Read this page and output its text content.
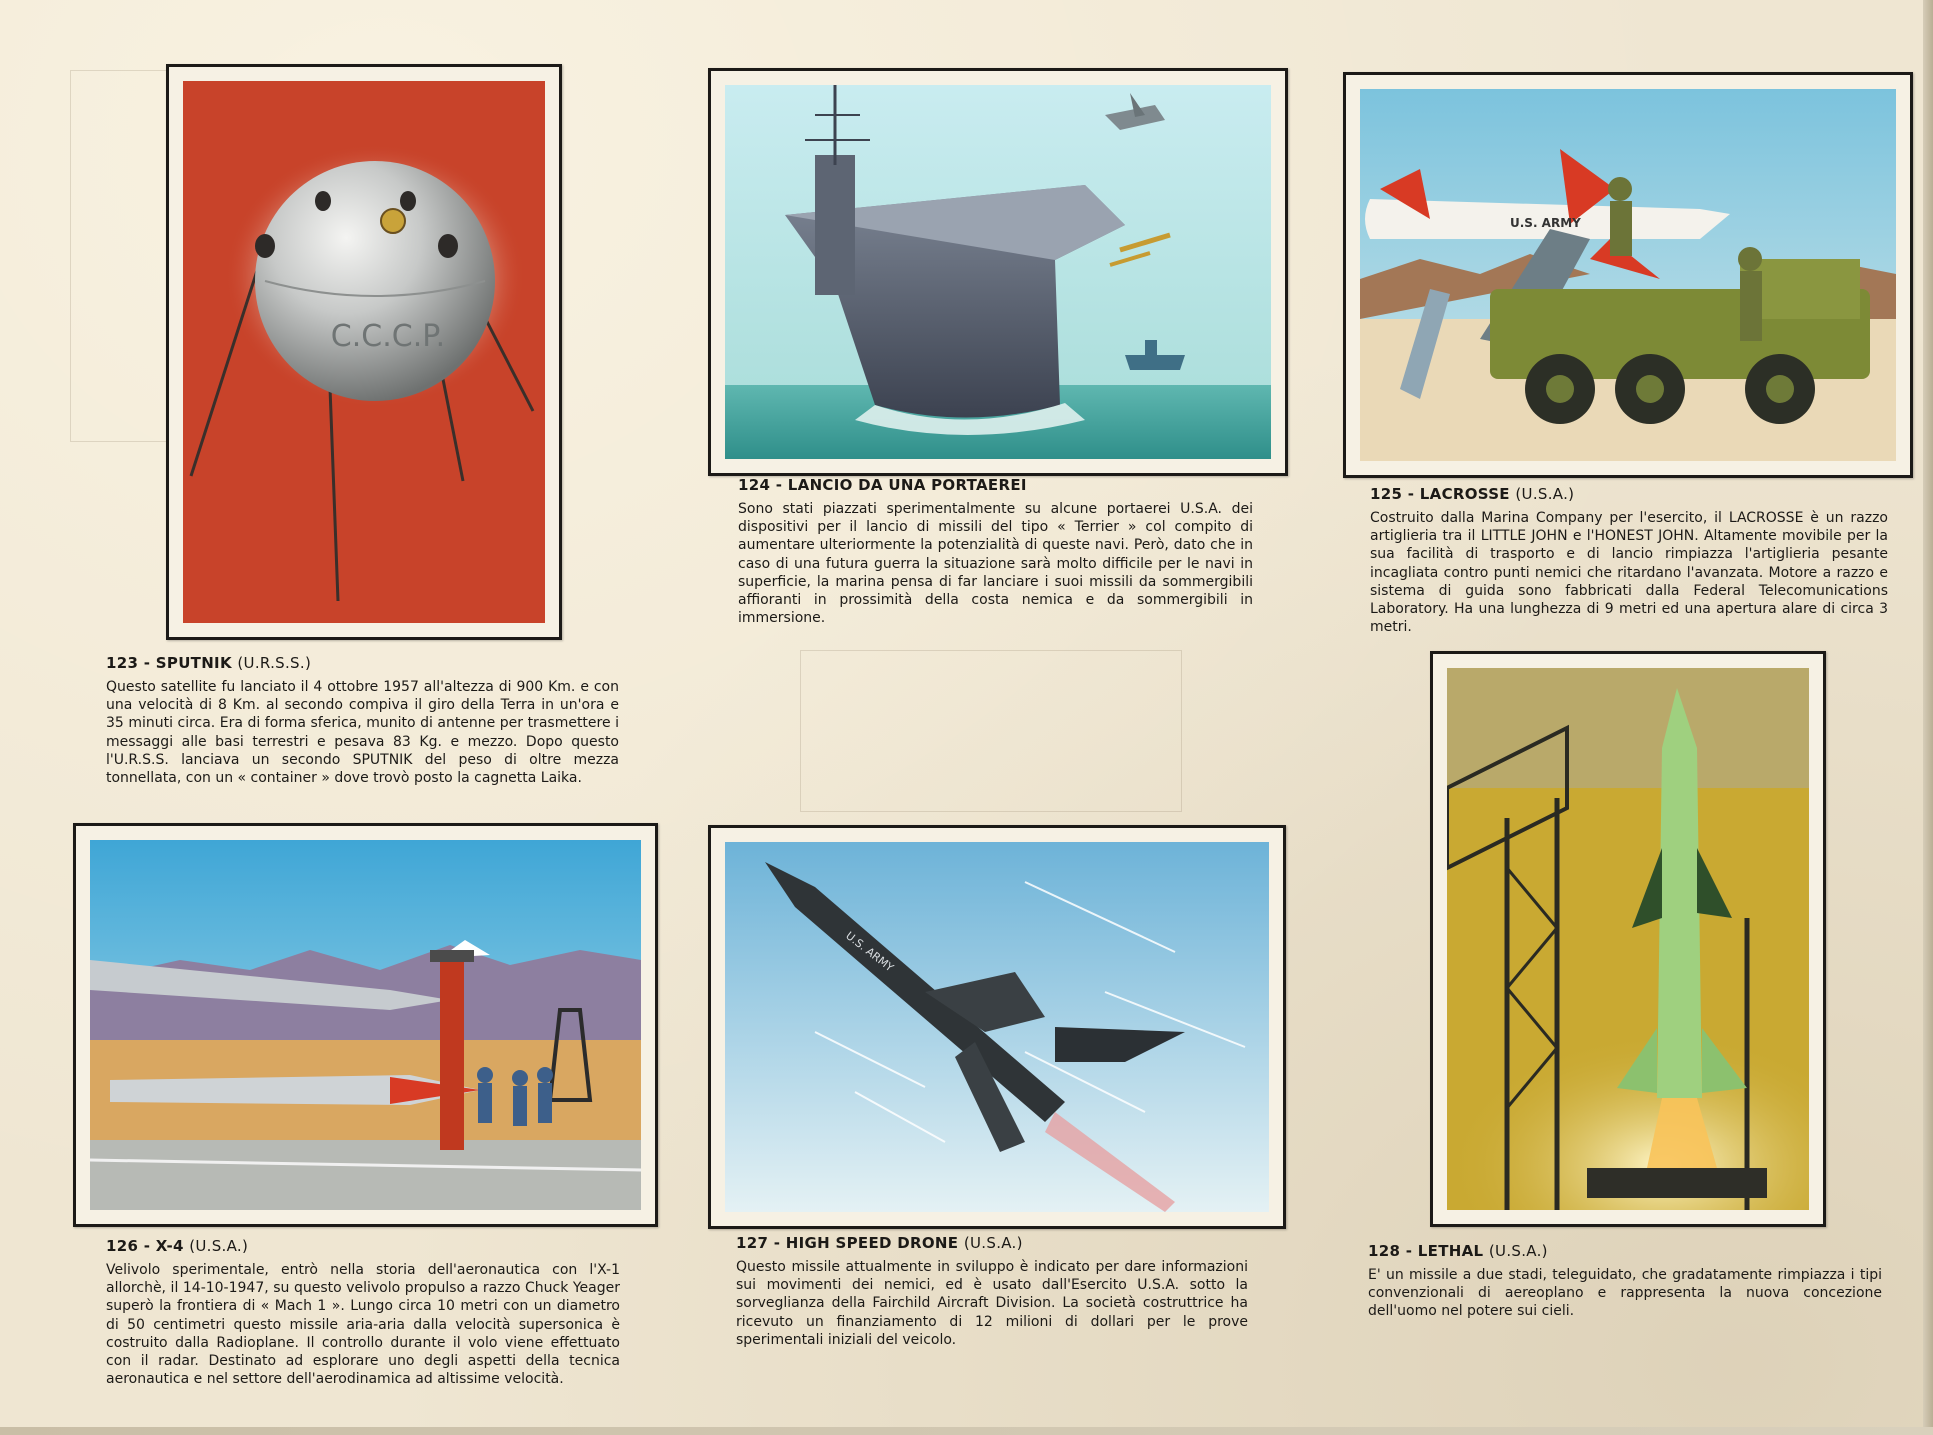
C.C.C.P.
123 - SPUTNIK (U.R.S.S.)

Questo satellite fu lanciato il 4 ottobre 1957 all'altezza di 900 Km. e con una velocità di 8 Km. al secondo compiva il giro della Terra in un'ora e 35 minuti circa. Era di forma sferica, munito di antenne per trasmettere i messaggi alle basi terrestri e pesava 83 Kg. e mezzo. Dopo questo l'U.R.S.S. lanciava un secondo SPUTNIK del peso di oltre mezza tonnellata, con un « container » dove trovò posto la cagnetta Laika.

124 - LANCIO DA UNA PORTAEREI

Sono stati piazzati sperimentalmente su alcune portaerei U.S.A. dei dispositivi per il lancio di missili del tipo « Terrier » col compito di aumentare ulteriormente la potenzialità di queste navi. Però, dato che in caso di una futura guerra la situazione sarà molto difficile per le navi in superficie, la marina pensa di far lanciare i suoi missili da sommergibili affioranti in prossimità della costa nemica e da sommergibili in immersione.

U.S. ARMY
125 - LACROSSE (U.S.A.)

Costruito dalla Marina Company per l'esercito, il LACROSSE è un razzo artiglieria tra il LITTLE JOHN e l'HONEST JOHN. Altamente movibile per la sua facilità di trasporto e di lancio rimpiazza l'artiglieria pesante incagliata contro punti nemici che ritardano l'avanzata. Motore a razzo e sistema di guida sono fabbricati dalla Federal Telecomunications Laboratory. Ha una lunghezza di 9 metri ed una apertura alare di circa 3 metri.

126 - X-4 (U.S.A.)

Velivolo sperimentale, entrò nella storia dell'aeronautica con l'X-1 allorchè, il 14-10-1947, su questo velivolo propulso a razzo Chuck Yeager superò la frontiera di « Mach 1 ». Lungo circa 10 metri con un diametro di 50 centimetri questo missile aria-aria dalla velocità supersonica è costruito dalla Radioplane. Il controllo durante il volo viene effettuato con il radar. Destinato ad esplorare uno degli aspetti della tecnica aeronautica e nel settore dell'aerodinamica ad altissime velocità.

U.S. ARMY
127 - HIGH SPEED DRONE (U.S.A.)

Questo missile attualmente in sviluppo è indicato per dare informazioni sui movimenti dei nemici, ed è usato dall'Esercito U.S.A. sotto la sorveglianza della Fairchild Aircraft Division. La società costruttrice ha ricevuto un finanziamento di 12 milioni di dollari per le prove sperimentali iniziali del veicolo.

128 - LETHAL (U.S.A.)

E' un missile a due stadi, teleguidato, che gradatamente rimpiazza i tipi convenzionali di aereoplano e rappresenta la nuova concezione dell'uomo nel potere sui cieli.
